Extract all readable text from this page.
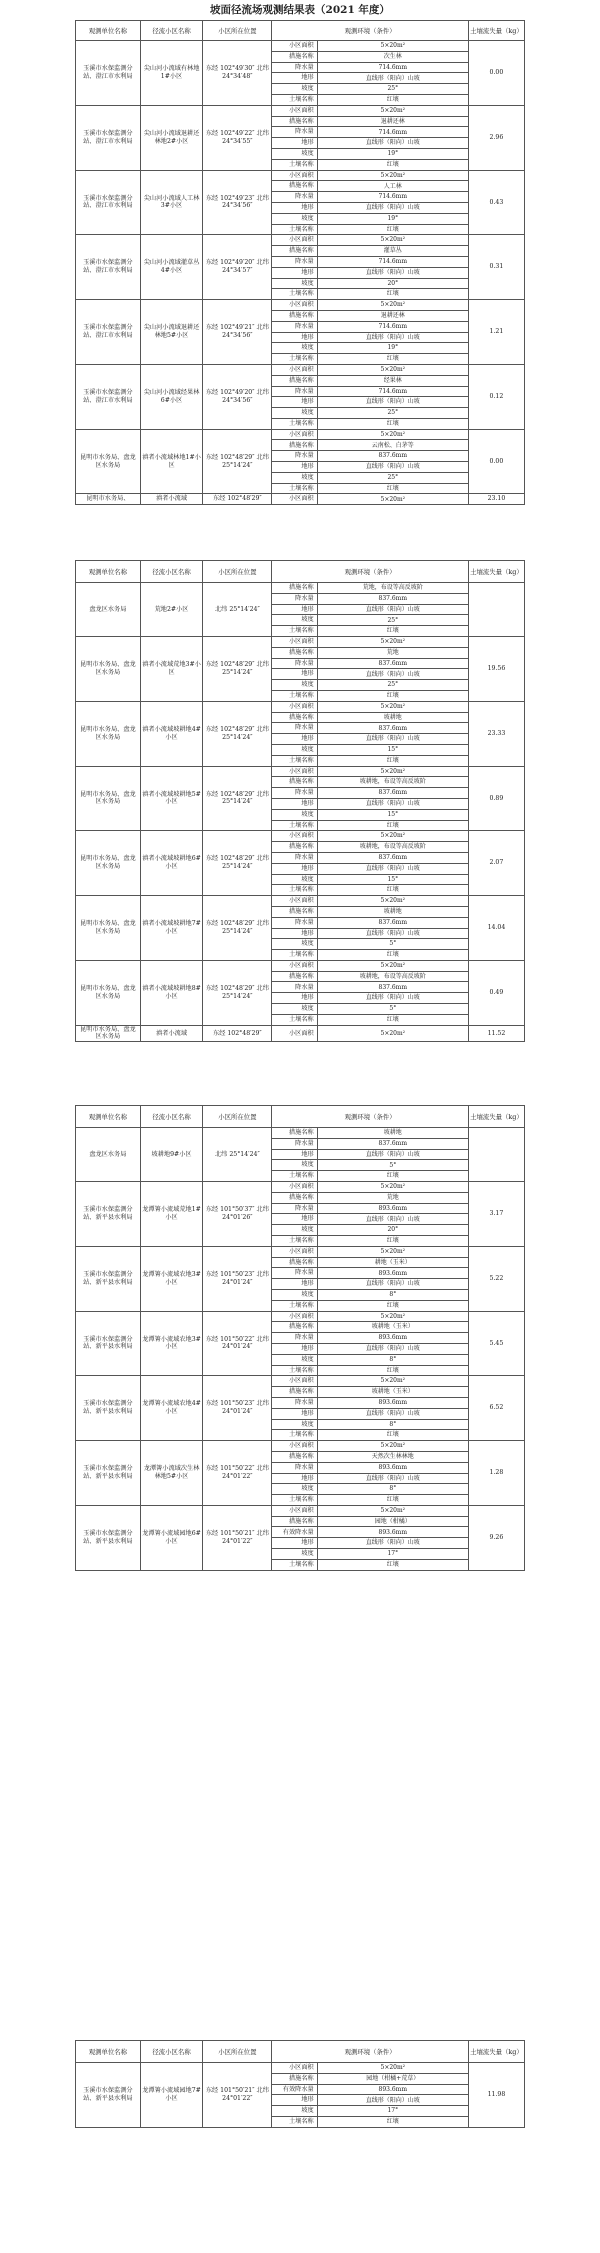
坡面径流场观测结果表（2021 年度）
观测单位名称	径流小区名称	小区所在位置	观测环境（条件）		土壤流失量（kg）
玉溪市水保监测分站、澄江市水利局	尖山河小流域有林地1#小区	东经 102°49′30″ 北纬 24°34′48″	小区面积	5×20m²	0.00
			措施名称	次生林	
			降水量	714.6mm	
			地形	直线形（阳向）山坡	
			坡度	25°	
			土壤名称	红壤	
玉溪市水保监测分站、澄江市水利局	尖山河小流域退耕还林地2#小区	东经 102°49′22″ 北纬 24°34′55″	小区面积	5×20m²	2.96
			措施名称	退耕还林	
			降水量	714.6mm	
			地形	直线形（阳向）山坡	
			坡度	19°	
			土壤名称	红壤	
玉溪市水保监测分站、澄江市水利局	尖山河小流域人工林3#小区	东经 102°49′23″ 北纬 24°34′56″	小区面积	5×20m²	0.43
			措施名称	人工林	
			降水量	714.6mm	
			地形	直线形（阳向）山坡	
			坡度	19°	
			土壤名称	红壤	
玉溪市水保监测分站、澄江市水利局	尖山河小流域灌草丛4#小区	东经 102°49′20″ 北纬 24°34′57″	小区面积	5×20m²	0.31
			措施名称	灌草丛	
			降水量	714.6mm	
			地形	直线形（阳向）山坡	
			坡度	20°	
			土壤名称	红壤	
玉溪市水保监测分站、澄江市水利局	尖山河小流域退耕还林地5#小区	东经 102°49′21″ 北纬 24°34′56″	小区面积	5×20m²	1.21
			措施名称	退耕还林	
			降水量	714.6mm	
			地形	直线形（阳向）山坡	
			坡度	19°	
			土壤名称	红壤	
玉溪市水保监测分站、澄江市水利局	尖山河小流域经果林6#小区	东经 102°49′20″ 北纬 24°34′56″	小区面积	5×20m²	0.12
			措施名称	经果林	
			降水量	714.6mm	
			地形	直线形（阳向）山坡	
			坡度	25°	
			土壤名称	红壤	
昆明市水务局、盘龙区水务局	滇者小流域林地1#小区	东经 102°48′29″ 北纬 25°14′24″	小区面积	5×20m²	0.00
			措施名称	云南松、白茅等	
			降水量	837.6mm	
			地形	直线形（阳向）山坡	
			坡度	25°	
			土壤名称	红壤	
昆明市水务局、	滇者小流域	东经 102°48′29″	小区面积	5×20m²	23.10
观测单位名称	径流小区名称	小区所在位置	观测环境（条件）		土壤流失量（kg）
盘龙区水务局	荒地2#小区	北纬 25°14′24″	措施名称	荒地，布设等高反坡阶	
			降水量	837.6mm	
			地形	直线形（阳向）山坡	
			坡度	25°	
			土壤名称	红壤	
昆明市水务局、盘龙区水务局	滇者小流域荒地3#小区	东经 102°48′29″ 北纬 25°14′24″	小区面积	5×20m²	19.56
			措施名称	荒地	
			降水量	837.6mm	
			地形	直线形（阳向）山坡	
			坡度	25°	
			土壤名称	红壤	
昆明市水务局、盘龙区水务局	滇者小流域坡耕地4#小区	东经 102°48′29″ 北纬 25°14′24″	小区面积	5×20m²	23.33
			措施名称	坡耕地	
			降水量	837.6mm	
			地形	直线形（阳向）山坡	
			坡度	15°	
			土壤名称	红壤	
昆明市水务局、盘龙区水务局	滇者小流域坡耕地5#小区	东经 102°48′29″ 北纬 25°14′24″	小区面积	5×20m²	0.89
			措施名称	坡耕地，布设等高反坡阶	
			降水量	837.6mm	
			地形	直线形（阳向）山坡	
			坡度	15°	
			土壤名称	红壤	
昆明市水务局、盘龙区水务局	滇者小流域坡耕地6#小区	东经 102°48′29″ 北纬 25°14′24″	小区面积	5×20m²	2.07
			措施名称	坡耕地，布设等高反坡阶	
			降水量	837.6mm	
			地形	直线形（阳向）山坡	
			坡度	15°	
			土壤名称	红壤	
昆明市水务局、盘龙区水务局	滇者小流域坡耕地7#小区	东经 102°48′29″ 北纬 25°14′24″	小区面积	5×20m²	14.04
			措施名称	坡耕地	
			降水量	837.6mm	
			地形	直线形（阳向）山坡	
			坡度	5°	
			土壤名称	红壤	
昆明市水务局、盘龙区水务局	滇者小流域坡耕地8#小区	东经 102°48′29″ 北纬 25°14′24″	小区面积	5×20m²	0.49
			措施名称	坡耕地，布设等高反坡阶	
			降水量	837.6mm	
			地形	直线形（阳向）山坡	
			坡度	5°	
			土壤名称	红壤	
昆明市水务局、盘龙区水务局	滇者小流域	东经 102°48′29″	小区面积	5×20m²	11.52
观测单位名称	径流小区名称	小区所在位置	观测环境（条件）		土壤流失量（kg）
盘龙区水务局	坡耕地9#小区	北纬 25°14′24″	措施名称	坡耕地	
			降水量	837.6mm	
			地形	直线形（阳向）山坡	
			坡度	5°	
			土壤名称	红壤	
玉溪市水保监测分站、新平县水利局	龙潭箐小流域荒地1#小区	东经 101°50′37″ 北纬 24°01′26″	小区面积	5×20m²	3.17
			措施名称	荒地	
			降水量	893.6mm	
			地形	直线形（阳向）山坡	
			坡度	20°	
			土壤名称	红壤	
玉溪市水保监测分站、新平县水利局	龙潭箐小流域农地3#小区	东经 101°50′23″ 北纬 24°01′24″	小区面积	5×20m²	5.22
			措施名称	耕地（玉米）	
			降水量	893.6mm	
			地形	直线形（阳向）山坡	
			坡度	8°	
			土壤名称	红壤	
玉溪市水保监测分站、新平县水利局	龙潭箐小流域农地3#小区	东经 101°50′22″ 北纬 24°01′24″	小区面积	5×20m²	5.45
			措施名称	坡耕地（玉米）	
			降水量	893.6mm	
			地形	直线形（阳向）山坡	
			坡度	8°	
			土壤名称	红壤	
玉溪市水保监测分站、新平县水利局	龙潭箐小流域农地4#小区	东经 101°50′23″ 北纬 24°01′24″	小区面积	5×20m²	6.52
			措施名称	坡耕地（玉米）	
			降水量	893.6mm	
			地形	直线形（阳向）山坡	
			坡度	8°	
			土壤名称	红壤	
玉溪市水保监测分站、新平县水利局	龙潭箐小流域次生林林地5#小区	东经 101°50′22″ 北纬 24°01′22″	小区面积	5×20m²	1.28
			措施名称	天然次生林林地	
			降水量	893.6mm	
			地形	直线形（阳向）山坡	
			坡度	8°	
			土壤名称	红壤	
玉溪市水保监测分站、新平县水利局	龙潭箐小流域园地6#小区	东经 101°50′21″ 北纬 24°01′22″	小区面积	5×20m²	9.26
			措施名称	园地（柑橘）	
			有效降水量	893.6mm	
			地形	直线形（阳向）山坡	
			坡度	17°	
			土壤名称	红壤	
观测单位名称	径流小区名称	小区所在位置	观测环境（条件）		土壤流失量（kg）
玉溪市水保监测分站、新平县水利局	龙潭箐小流域园地7#小区	东经 101°50′21″ 北纬 24°01′22″	小区面积	5×20m²	11.98
			措施名称	园地（柑橘+荒草）	
			有效降水量	893.6mm	
			地形	直线形（阳向）山坡	
			坡度	17°	
			土壤名称	红壤	
